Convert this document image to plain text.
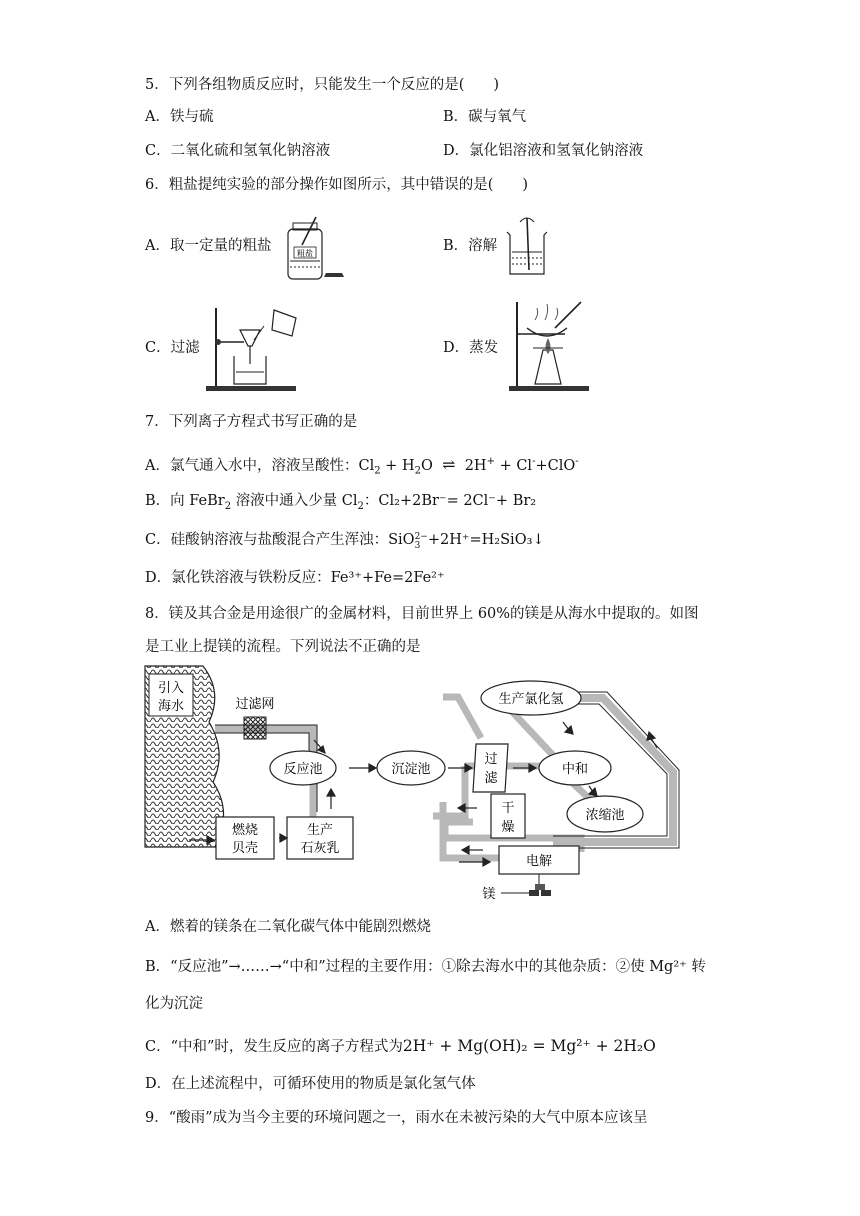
5．下列各组物质反应时，只能发生一个反应的是(　　)
A．铁与硫	B．碳与氧气
C．二氧化硫和氢氧化钠溶液	D．氯化铝溶液和氢氧化钠溶液
6．粗盐提纯实验的部分操作如图所示，其中错误的是(　　)
A．取一定量的粗盐	粗盐	B．溶解
C．过滤	D．蒸发
7．下列离子方程式书写正确的是
A．氯气通入水中，溶液呈酸性：$Cl_2 + H_2O$  ⇌ 2H+ + Cl-+ClO-
B．向 FeBr$_2$ 溶液中通入少量 $Cl_2$：Cl₂+2Br⁻= 2Cl⁻+ Br₂
C．硅酸钠溶液与盐酸混合产生浑浊：SiO 2−
3 +2H⁺=H₂SiO₃↓
D．氯化铁溶液与铁粉反应：Fe³⁺+Fe=2Fe²⁺
8．镁及其合金是用途很广的金属材料，目前世界上 60%的镁是从海水中提取的。如图
是工业上提镁的流程。下列说法不正确的是
引入
海水	过滤网
反应池	沉淀池
过
滤
中和
生产氯化氢
干
燥
浓缩池
燃烧
贝壳
生产
石灰乳
电解
镁
A．燃着的镁条在二氧化碳气体中能剧烈燃烧
B．“反应池”→……→“中和”过程的主要作用：①除去海水中的其他杂质：②使 Mg²⁺ 转
化为沉淀
C．“中和”时，发生反应的离子方程式为2H⁺ + Mg(OH)₂ = Mg²⁺ + 2H₂O
D．在上述流程中，可循环使用的物质是氯化氢气体
9．“酸雨”成为当今主要的环境问题之一，雨水在未被污染的大气中原本应该呈
